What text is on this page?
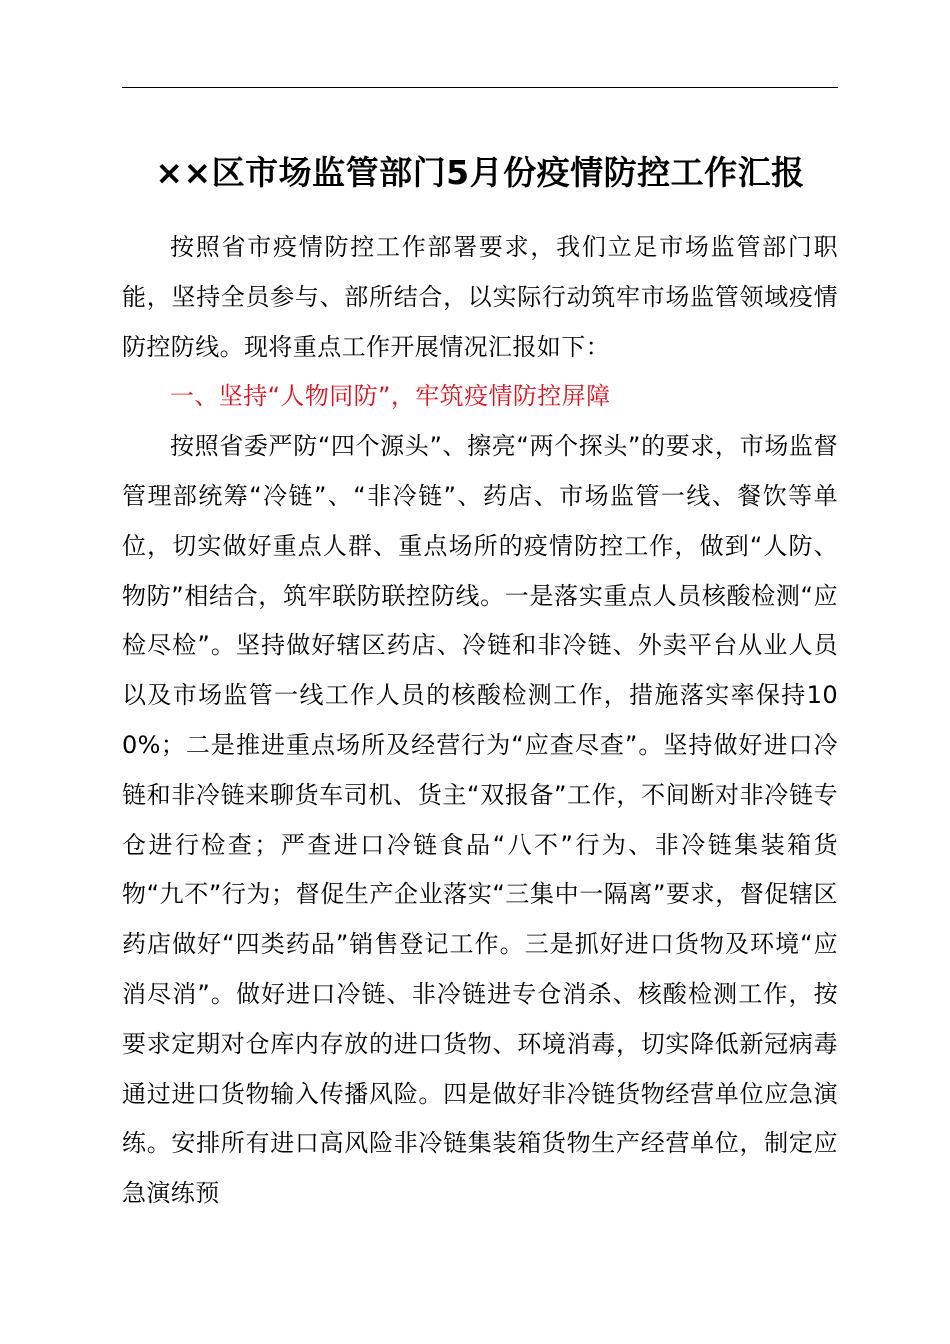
××区市场监管部门5月份疫情防控工作汇报

按照省市疫情防控工作部署要求，我们立足市场监管部门职能，坚持全员参与、部所结合，以实际行动筑牢市场监管领域疫情防控防线。现将重点工作开展情况汇报如下：

一、坚持“人物同防”，牢筑疫情防控屏障

按照省委严防“四个源头”、擦亮“两个探头”的要求，市场监督管理部统筹“冷链”、“非冷链”、药店、市场监管一线、餐饮等单位，切实做好重点人群、重点场所的疫情防控工作，做到“人防、物防”相结合，筑牢联防联控防线。一是落实重点人员核酸检测“应检尽检”。坚持做好辖区药店、冷链和非冷链、外卖平台从业人员以及市场监管一线工作人员的核酸检测工作，措施落实率保持100%；二是推进重点场所及经营行为“应查尽查”。坚持做好进口冷链和非冷链来聊货车司机、货主“双报备”工作，不间断对非冷链专仓进行检查；严查进口冷链食品“八不”行为、非冷链集装箱货物“九不”行为；督促生产企业落实“三集中一隔离”要求，督促辖区药店做好“四类药品”销售登记工作。三是抓好进口货物及环境“应消尽消”。做好进口冷链、非冷链进专仓消杀、核酸检测工作，按要求定期对仓库内存放的进口货物、环境消毒，切实降低新冠病毒通过进口货物输入传播风险。四是做好非冷链货物经营单位应急演练。安排所有进口高风险非冷链集装箱货物生产经营单位，制定应急演练预
